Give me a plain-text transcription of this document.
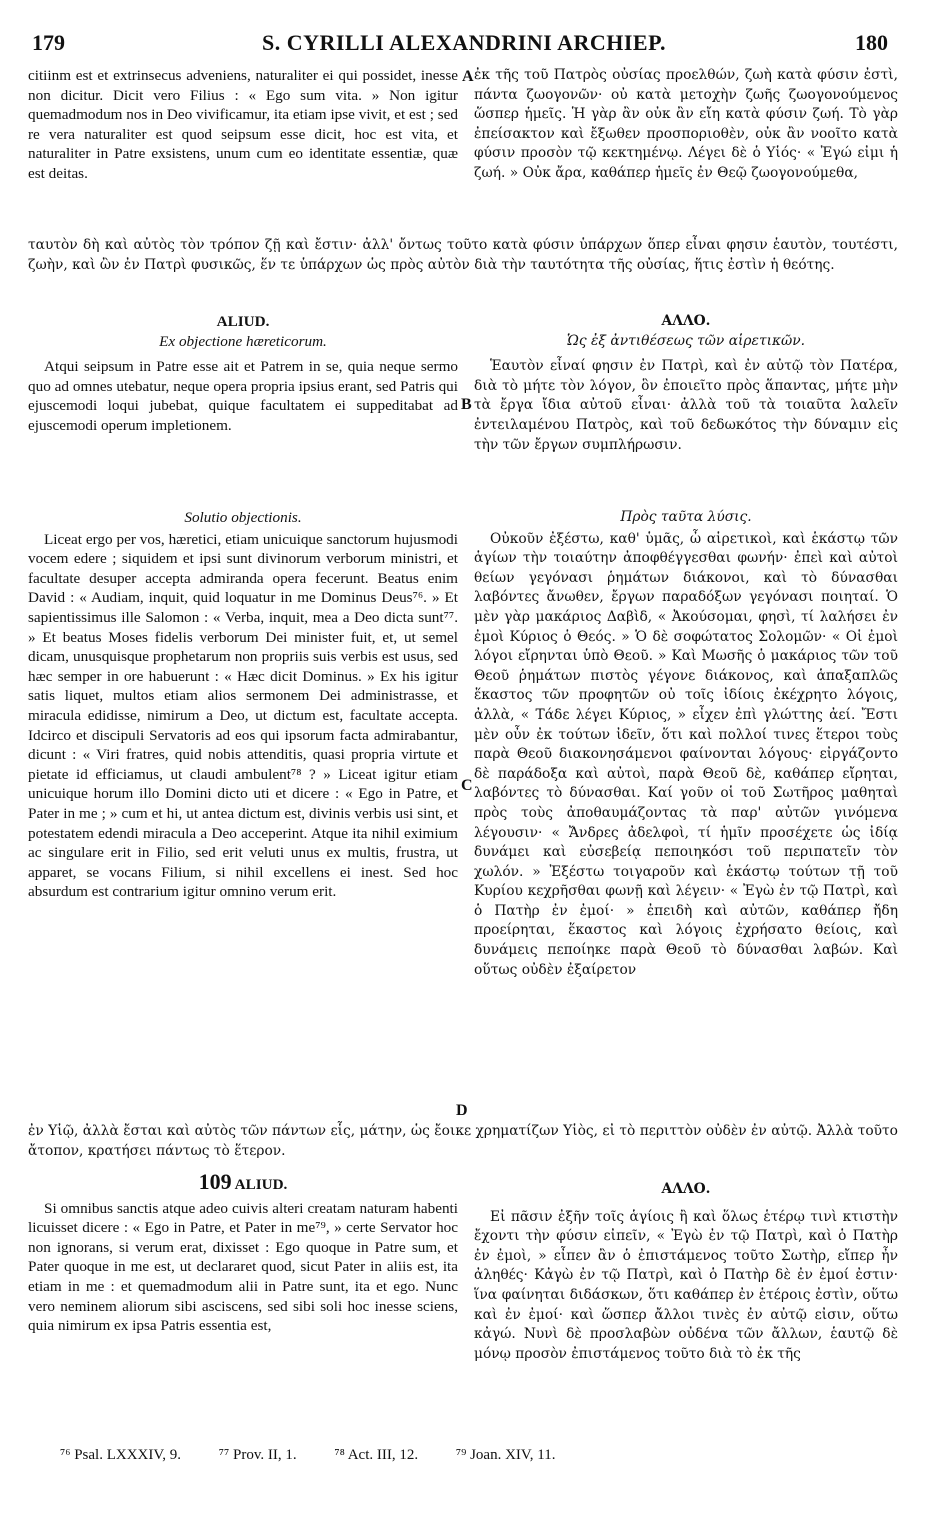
179	S. CYRILLI ALEXANDRINI ARCHIEP.	180

citiinm est et extrinsecus adveniens, naturaliter ei qui possidet, inesse non dicitur. Dicit vero Filius : « Ego sum vita. » Non igitur quemadmodum nos in Deo vivificamur, ita etiam ipse vivit, et est ; sed re vera naturaliter est quod seipsum esse dicit, hoc est vita, et naturaliter in Patre exsistens, unum cum eo identitate essentiæ, quæ est deitas.

ἐκ τῆς τοῦ Πατρὸς οὐσίας προελθών, ζωὴ κατὰ φύσιν ἐστὶ, πάντα ζωογονῶν· οὐ κατὰ μετοχὴν ζωῆς ζωογονούμενος ὥσπερ ἡμεῖς. Ἡ γὰρ ἂν οὐκ ἂν εἴη κατὰ φύσιν ζωή. Τὸ γὰρ ἐπείσακτον καὶ ἔξωθεν προσποριοθὲν, οὐκ ἂν νοοῖτο κατὰ φύσιν προσὸν τῷ κεκτημένῳ. Λέγει δὲ ὁ Υἱός· « Ἐγώ εἰμι ἡ ζωή. » Οὐκ ἄρα, καθάπερ ἡμεῖς ἐν Θεῷ ζωογονούμεθα,

ταυτὸν δὴ καὶ αὐτὸς τὸν τρόπον ζῇ καὶ ἔστιν· ἀλλ' ὄντως τοῦτο κατὰ φύσιν ὑπάρχων ὅπερ εἶναι φησιν ἑαυτὸν, τουτέστι, ζωὴν, καὶ ὢν ἐν Πατρὶ φυσικῶς, ἕν τε ὑπάρχων ὡς πρὸς αὐτὸν διὰ τὴν ταυτότητα τῆς οὐσίας, ἥτις ἐστὶν ἡ θεότης.
A

ALIUD.

Ex objectione hæreticorum.

Atqui seipsum in Patre esse ait et Patrem in se, quia neque sermo quo ad omnes utebatur, neque opera propria ipsius erant, sed Patris qui ejuscemodi loqui jubebat, quique facultatem ei suppeditabat ad ejuscemodi operum impletionem.

ΑΛΛΟ.

Ὡς ἐξ ἀντιθέσεως τῶν αἱρετικῶν.

Ἑαυτὸν εἶναί φησιν ἐν Πατρὶ, καὶ ἐν αὐτῷ τὸν Πατέρα, διὰ τὸ μήτε τὸν λόγον, ὃν ἐποιεῖτο πρὸς ἅπαντας, μήτε μὴν τὰ ἔργα ἴδια αὐτοῦ εἶναι· ἀλλὰ τοῦ τὰ τοιαῦτα λαλεῖν ἐντειλαμένου Πατρὸς, καὶ τοῦ δεδωκότος τὴν δύναμιν εἰς τὴν τῶν ἔργων συμπλήρωσιν.

B

Solutio objectionis.

Liceat ergo per vos, hæretici, etiam unicuique sanctorum hujusmodi vocem edere ; siquidem et ipsi sunt divinorum verborum ministri, et facultate desuper accepta admiranda opera fecerunt. Beatus enim David : « Audiam, inquit, quid loquatur in me Dominus Deus⁷⁶. » Et sapientissimus ille Salomon : « Verba, inquit, mea a Deo dicta sunt⁷⁷. » Et beatus Moses fidelis verborum Dei minister fuit, et, ut semel dicam, unusquisque prophetarum non propriis suis verbis est usus, sed hæc semper in ore habuerunt : « Hæc dicit Dominus. » Ex his igitur satis liquet, multos etiam alios sermonem Dei administrasse, et miracula edidisse, nimirum a Deo, ut dictum est, facultate accepta. Idcirco et discipuli Servatoris ad eos qui ipsorum facta admirabantur, dicunt : « Viri fratres, quid nobis attenditis, quasi propria virtute et pietate id efficiamus, ut claudi ambulent⁷⁸ ? » Liceat igitur etiam unicuique horum illo Domini dicto uti et dicere : « Ego in Patre, et Pater in me ; » cum et hi, ut antea dictum est, divinis verbis usi sint, et potestatem edendi miracula a Deo acceperint. Atque ita nihil eximium ac singulare erit in Filio, sed erit veluti unus ex multis, frustra, ut apparet, se vocans Filium, si nihil excellens ei inest. Sed hoc absurdum est contrarium igitur omnino verum erit.

Πρὸς ταῦτα λύσις.

Οὐκοῦν ἐξέστω, καθ' ὑμᾶς, ὦ αἱρετικοὶ, καὶ ἑκάστῳ τῶν ἁγίων τὴν τοιαύτην ἀποφθέγγεσθαι φωνήν· ἐπεὶ καὶ αὐτοὶ θείων γεγόνασι ῥημάτων διάκονοι, καὶ τὸ δύνασθαι λαβόντες ἄνωθεν, ἔργων παραδόξων γεγόνασι ποιηταί. Ὁ μὲν γὰρ μακάριος Δαβὶδ, « Ἀκούσομαι, φησὶ, τί λαλήσει ἐν ἐμοὶ Κύριος ὁ Θεός. » Ὁ δὲ σοφώτατος Σολομῶν· « Οἱ ἐμοὶ λόγοι εἴρηνται ὑπὸ Θεοῦ. » Καὶ Μωσῆς ὁ μακάριος τῶν τοῦ Θεοῦ ῥημάτων πιστὸς γέγονε διάκονος, καὶ ἁπαξαπλῶς ἕκαστος τῶν προφητῶν οὐ τοῖς ἰδίοις ἐκέχρητο λόγοις, ἀλλὰ, « Τάδε λέγει Κύριος, » εἶχεν ἐπὶ γλώττης ἀεί. Ἔστι μὲν οὖν ἐκ τούτων ἰδεῖν, ὅτι καὶ πολλοί τινες ἕτεροι τοὺς παρὰ Θεοῦ διακονησάμενοι φαίνονται λόγους· εἰργάζοντο δὲ παράδοξα καὶ αὐτοὶ, παρὰ Θεοῦ δὲ, καθάπερ εἴρηται, λαβόντες τὸ δύνασθαι. Καί γοῦν οἱ τοῦ Σωτῆρος μαθηταὶ πρὸς τοὺς ἀποθαυμάζοντας τὰ παρ' αὐτῶν γινόμενα λέγουσιν· « Ἄνδρες ἀδελφοὶ, τί ἡμῖν προσέχετε ὡς ἰδίᾳ δυνάμει καὶ εὐσεβείᾳ πεποιηκόσι τοῦ περιπατεῖν τὸν χωλόν. » Ἐξέστω τοιγαροῦν καὶ ἑκάστῳ τούτων τῇ τοῦ Κυρίου κεχρῆσθαι φωνῇ καὶ λέγειν· « Ἐγὼ ἐν τῷ Πατρὶ, καὶ ὁ Πατὴρ ἐν ἐμοί· » ἐπειδὴ καὶ αὐτῶν, καθάπερ ἤδη προείρηται, ἕκαστος καὶ λόγοις ἐχρήσατο θείοις, καὶ δυνάμεις πεποίηκε παρὰ Θεοῦ τὸ δύνασθαι λαβών. Καὶ οὕτως οὐδὲν ἐξαίρετον

C
D
ἐν Υἱῷ, ἀλλὰ ἔσται καὶ αὐτὸς τῶν πάντων εἷς, μάτην, ὡς ἔοικε χρηματίζων Υἱὸς, εἰ τὸ περιττὸν οὐδὲν ἐν αὐτῷ. Ἀλλὰ τοῦτο ἄτοπον, κρατήσει πάντως τὸ ἕτερον.

109 ALIUD.

Si omnibus sanctis atque adeo cuivis alteri creatam naturam habenti licuisset dicere : « Ego in Patre, et Pater in me⁷⁹, » certe Servator hoc non ignorans, si verum erat, dixisset : Ego quoque in Patre sum, et Pater quoque in me est, ut declararet quod, sicut Pater in aliis est, ita etiam in me : et quemadmodum alii in Patre sunt, ita et ego. Nunc vero neminem aliorum sibi asciscens, sed sibi soli hoc inesse sciens, quia nimirum ex ipsa Patris essentia est,

ΑΛΛΟ.

Εἰ πᾶσιν ἐξῆν τοῖς ἁγίοις ἢ καὶ ὅλως ἑτέρῳ τινὶ κτιστὴν ἔχοντι τὴν φύσιν εἰπεῖν, « Ἐγὼ ἐν τῷ Πατρὶ, καὶ ὁ Πατὴρ ἐν ἐμοὶ, » εἶπεν ἂν ὁ ἐπιστάμενος τοῦτο Σωτὴρ, εἴπερ ἦν ἀληθές· Κἀγὼ ἐν τῷ Πατρὶ, καὶ ὁ Πατὴρ δὲ ἐν ἐμοί ἐστιν· ἵνα φαίνηται διδάσκων, ὅτι καθάπερ ἐν ἑτέροις ἐστὶν, οὕτω καὶ ἐν ἐμοί· καὶ ὥσπερ ἄλλοι τινὲς ἐν αὐτῷ εἰσιν, οὕτω κἀγώ. Νυνὶ δὲ προσλαβὼν οὐδένα τῶν ἄλλων, ἑαυτῷ δὲ μόνῳ προσὸν ἐπιστάμενος τοῦτο διὰ τὸ ἐκ τῆς

⁷⁶ Psal. LXXXIV, 9.	⁷⁷ Prov. II, 1.	⁷⁸ Act. III, 12.	⁷⁹ Joan. XIV, 11.
